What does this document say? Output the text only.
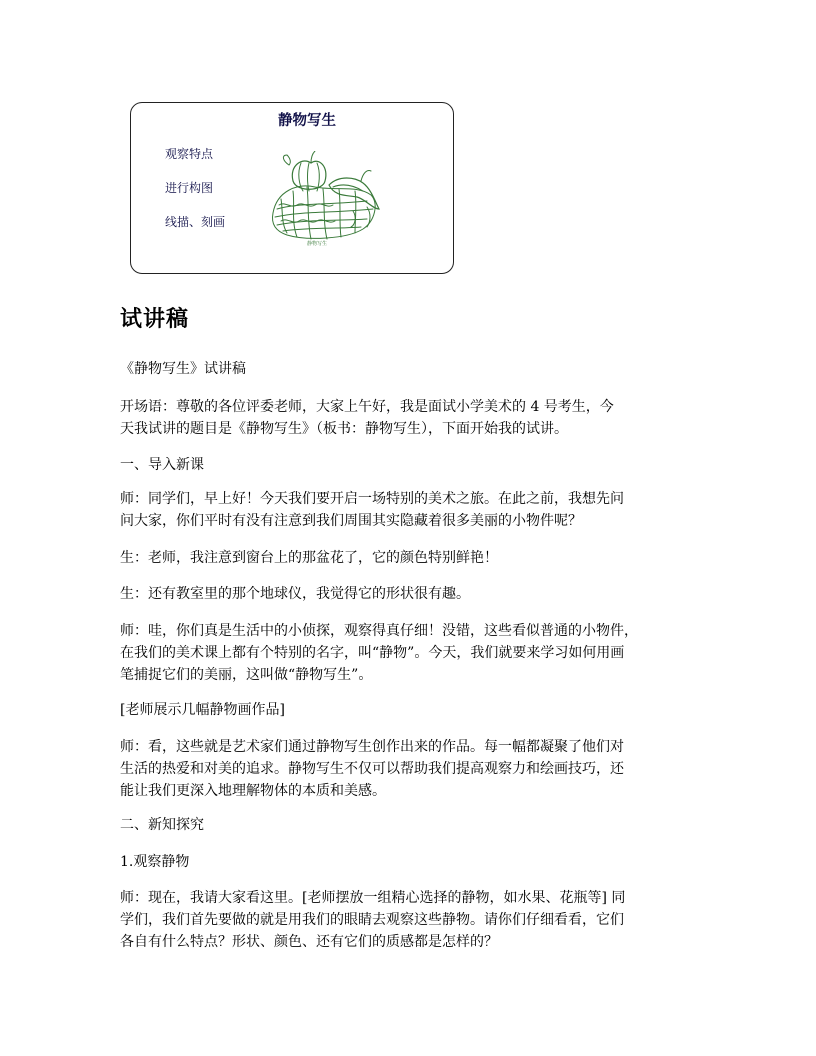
静物写生
观察特点
进行构图
线描、刻画
静物写生
试讲稿
《静物写生》试讲稿
开场语：尊敬的各位评委老师，大家上午好，我是面试小学美术的 4 号考生，今
天我试讲的题目是《静物写生》（板书：静物写生），下面开始我的试讲。
一、导入新课
师：同学们，早上好！今天我们要开启一场特别的美术之旅。在此之前，我想先问
问大家，你们平时有没有注意到我们周围其实隐藏着很多美丽的小物件呢？
生：老师，我注意到窗台上的那盆花了，它的颜色特别鲜艳！
生：还有教室里的那个地球仪，我觉得它的形状很有趣。
师：哇，你们真是生活中的小侦探，观察得真仔细！没错，这些看似普通的小物件，
在我们的美术课上都有个特别的名字，叫“静物”。今天，我们就要来学习如何用画
笔捕捉它们的美丽，这叫做“静物写生”。
[老师展示几幅静物画作品]
师：看，这些就是艺术家们通过静物写生创作出来的作品。每一幅都凝聚了他们对
生活的热爱和对美的追求。静物写生不仅可以帮助我们提高观察力和绘画技巧，还
能让我们更深入地理解物体的本质和美感。
二、新知探究
1.观察静物
师：现在，我请大家看这里。[老师摆放一组精心选择的静物，如水果、花瓶等] 同
学们，我们首先要做的就是用我们的眼睛去观察这些静物。请你们仔细看看，它们
各自有什么特点？形状、颜色、还有它们的质感都是怎样的？
